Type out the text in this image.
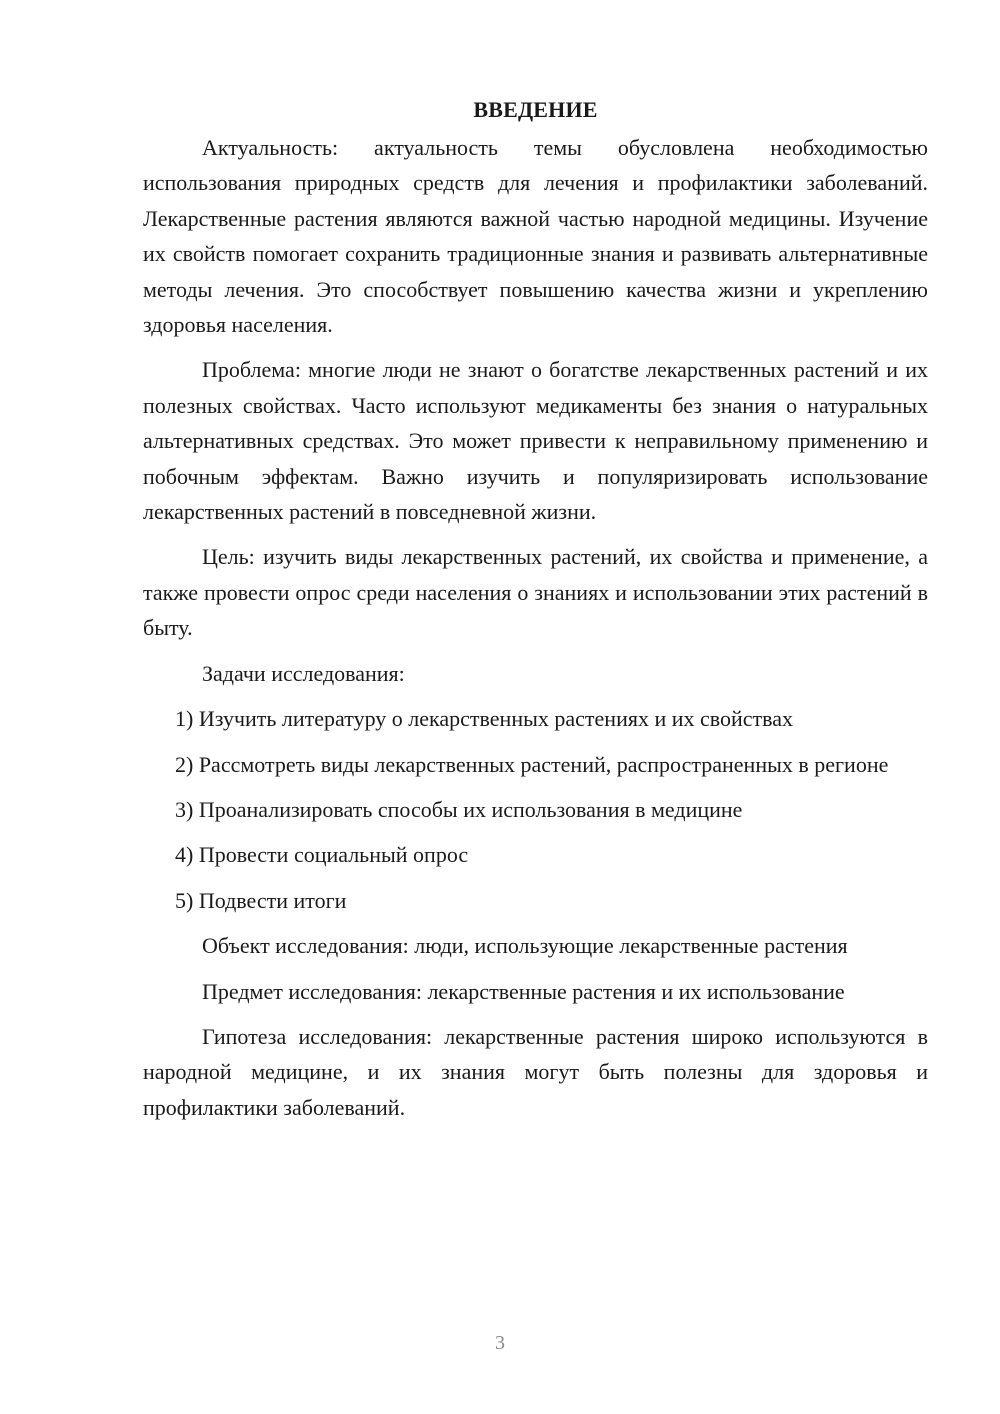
ВВЕДЕНИЕ

Актуальность: актуальность темы обусловлена необходимостью использования природных средств для лечения и профилактики заболеваний. Лекарственные растения являются важной частью народной медицины. Изучение их свойств помогает сохранить традиционные знания и развивать альтернативные методы лечения. Это способствует повышению качества жизни и укреплению здоровья населения.

Проблема: многие люди не знают о богатстве лекарственных растений и их полезных свойствах. Часто используют медикаменты без знания о натуральных альтернативных средствах. Это может привести к неправильному применению и побочным эффектам. Важно изучить и популяризировать использование лекарственных растений в повседневной жизни.

Цель: изучить виды лекарственных растений, их свойства и применение, а также провести опрос среди населения о знаниях и использовании этих растений в быту.

Задачи исследования:

1) Изучить литературу о лекарственных растениях и их свойствах

2) Рассмотреть виды лекарственных растений, распространенных в регионе

3) Проанализировать способы их использования в медицине

4) Провести социальный опрос

5) Подвести итоги

Объект исследования: люди, использующие лекарственные растения

Предмет исследования: лекарственные растения и их использование

Гипотеза исследования: лекарственные растения широко используются в народной медицине, и их знания могут быть полезны для здоровья и профилактики заболеваний.

3
